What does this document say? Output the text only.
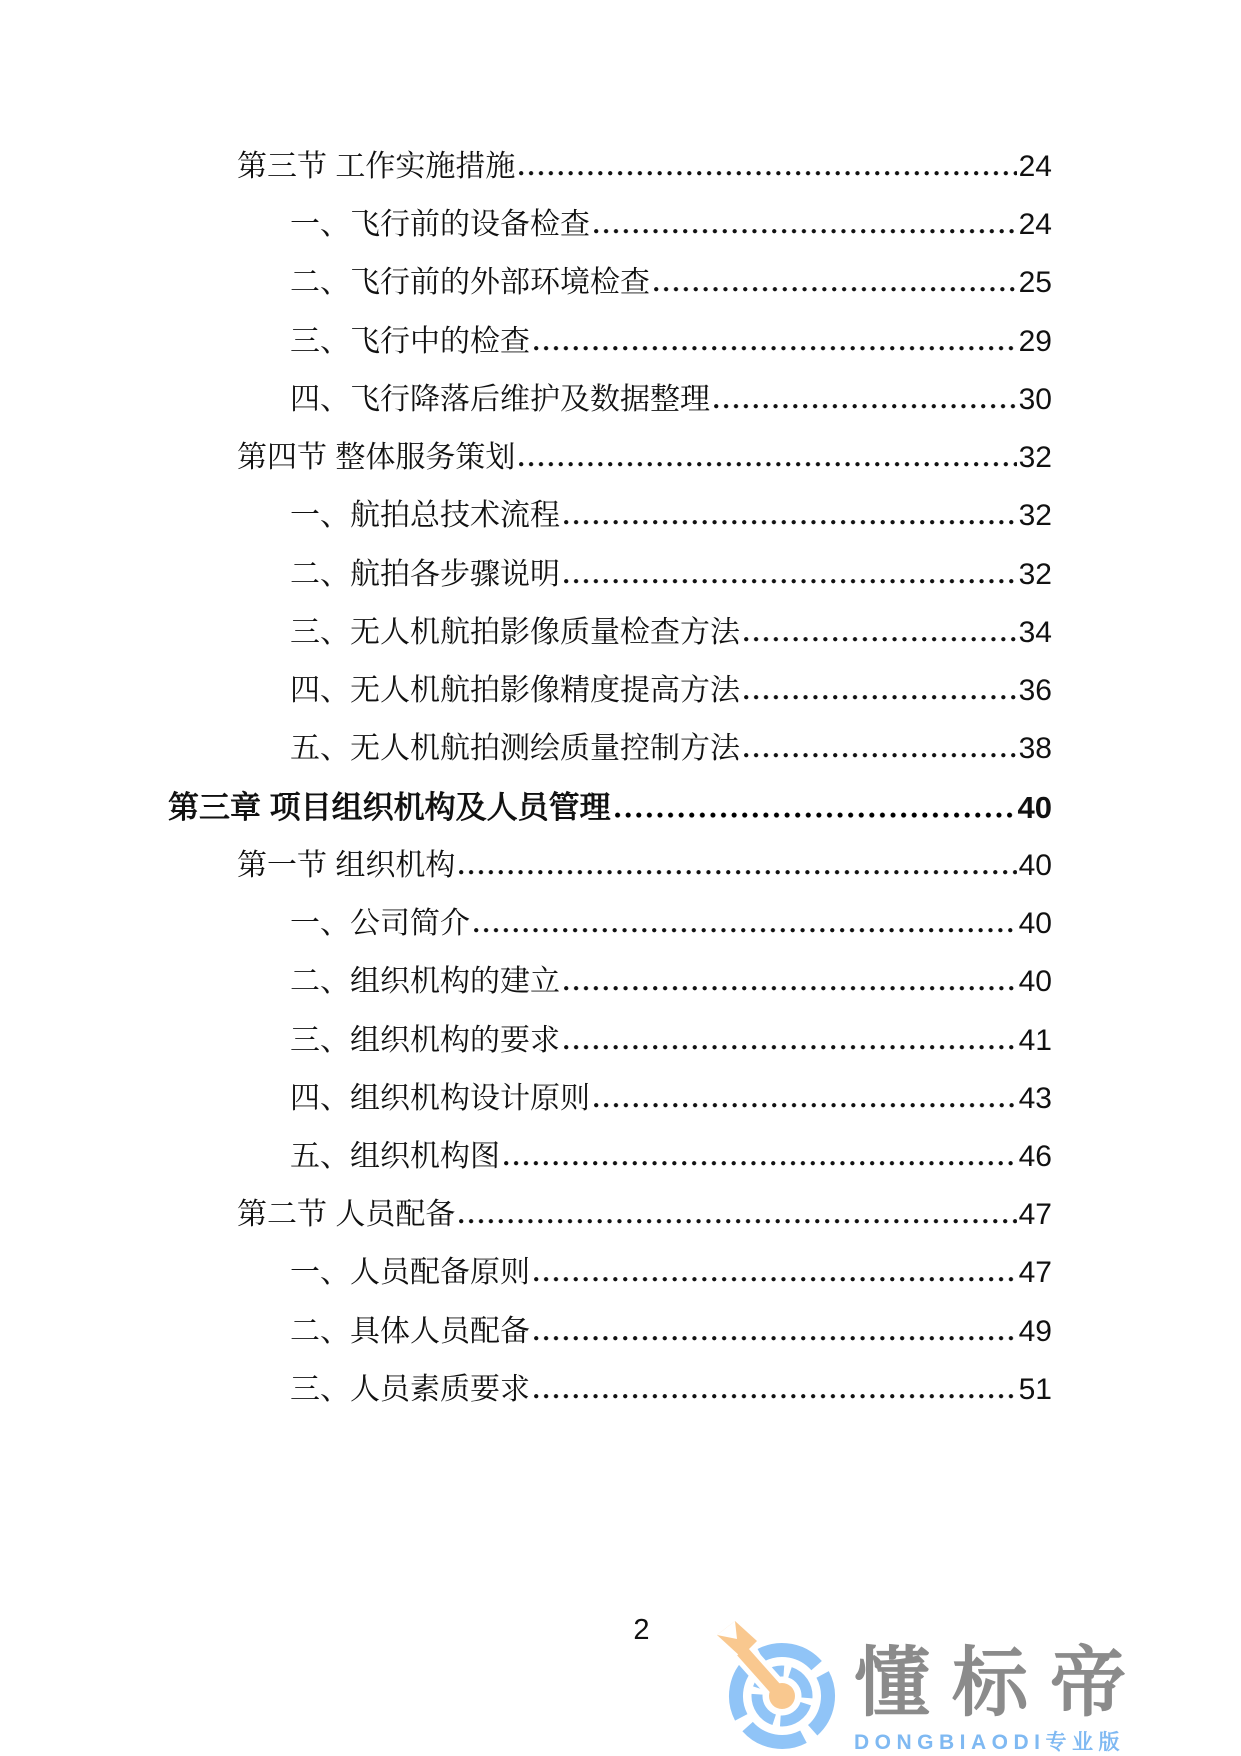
第三节 工作实施措施	24
一、飞行前的设备检查	24
二、飞行前的外部环境检查	25
三、飞行中的检查	29
四、飞行降落后维护及数据整理	30
第四节 整体服务策划	32
一、航拍总技术流程	32
二、航拍各步骤说明	32
三、无人机航拍影像质量检查方法	34
四、无人机航拍影像精度提高方法	36
五、无人机航拍测绘质量控制方法	38
第三章 项目组织机构及人员管理	40
第一节 组织机构	40
一、公司简介	40
二、组织机构的建立	40
三、组织机构的要求	41
四、组织机构设计原则	43
五、组织机构图	46
第二节 人员配备	47
一、人员配备原则	47
二、具体人员配备	49
三、人员素质要求	51
2
懂标帝
DONGBIAODI专业版
